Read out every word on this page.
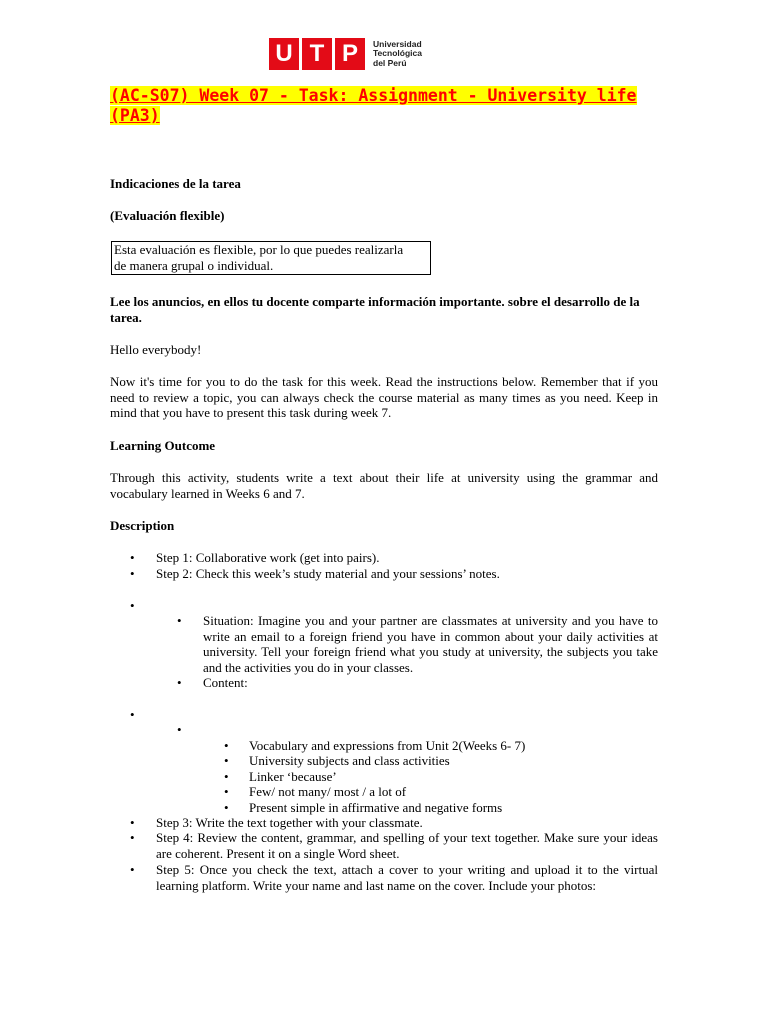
U T P	Universidad
Tecnológica
del Perú
(AC-S07) Week 07 - Task: Assignment - University life (PA3)
Indicaciones de la tarea
(Evaluación flexible)
Esta evaluación es flexible, por lo que puedes realizarla
de manera grupal o individual.
Lee los anuncios, en ellos tu docente comparte información importante. sobre el desarrollo de la tarea.
Hello everybody!
Now it's time for you to do the task for this week. Read the instructions below. Remember that if you need to review a topic, you can always check the course material as many times as you need. Keep in mind that you have to present this task during week 7.
Learning Outcome
Through this activity, students write a text about their life at university using the grammar and vocabulary learned in Weeks 6 and 7.
Description
• Step 1: Collaborative work (get into pairs).
• Step 2: Check this week’s study material and your sessions’ notes.
•
• Situation: Imagine you and your partner are classmates at university and you have to write an email to a foreign friend you have in common about your daily activities at university. Tell your foreign friend what you study at university, the subjects you take and the activities you do in your classes.
• Content:
•
•
• Vocabulary and expressions from Unit 2(Weeks 6- 7)
• University subjects and class activities
• Linker ‘because’
• Few/ not many/ most / a lot of
• Present simple in affirmative and negative forms
• Step 3: Write the text together with your classmate.
• Step 4: Review the content, grammar, and spelling of your text together. Make sure your ideas are coherent. Present it on a single Word sheet.
• Step 5: Once you check the text, attach a cover to your writing and upload it to the virtual learning platform. Write your name and last name on the cover. Include your photos:
